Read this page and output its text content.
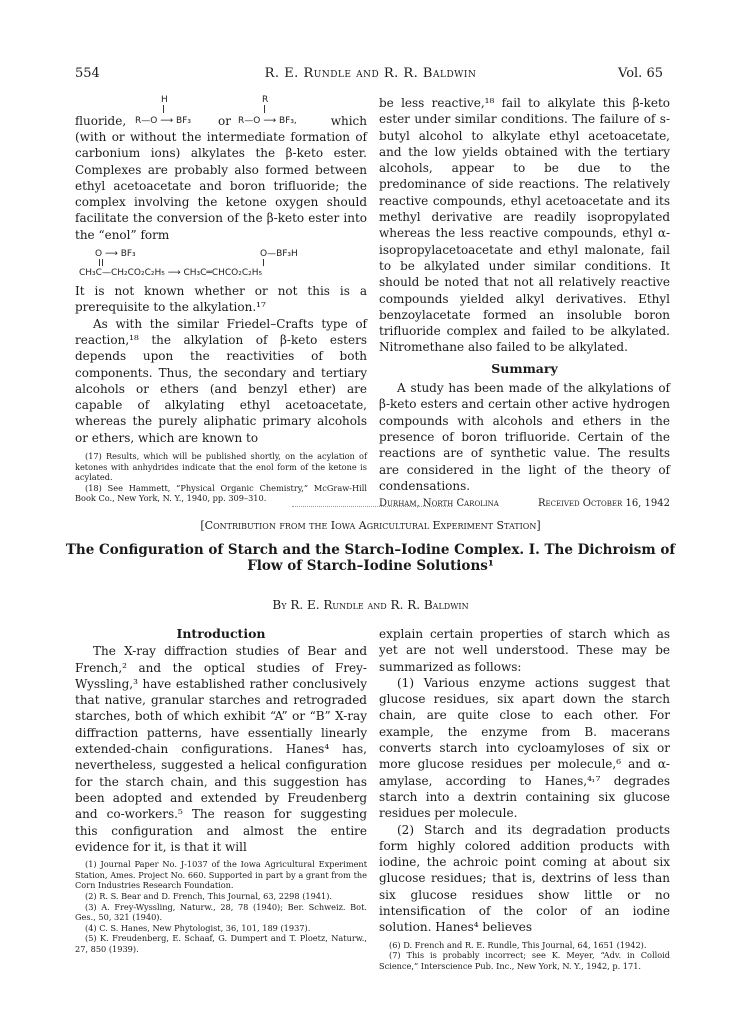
554	R. E. Rundle and R. R. Baldwin	Vol. 65
H	R
fluoride, R—O ⟶ BF₃ or R—O ⟶ BF₃,	which

(with or without the intermediate formation of carbonium ions) alkylates the β-keto ester. Complexes are probably also formed between ethyl acetoacetate and boron trifluoride; the complex involving the ketone oxygen should facilitate the conversion of the β-keto ester into the “enol” form

O ⟶ BF₃	O—BF₃H
CH₃C—CH₂CO₂C₂H₅ ⟶ CH₃C═CHCO₂C₂H₅

It is not known whether or not this is a prerequisite to the alkylation.¹⁷

As with the similar Friedel–Crafts type of reaction,¹⁸ the alkylation of β-keto esters depends upon the reactivities of both components. Thus, the secondary and tertiary alcohols or ethers (and benzyl ether) are capable of alkylating ethyl acetoacetate, whereas the purely aliphatic primary alcohols or ethers, which are known to

(17) Results, which will be published shortly, on the acylation of ketones with anhydrides indicate that the enol form of the ketone is acylated.

(18) See Hammett, “Physical Organic Chemistry,” McGraw-Hill Book Co., New York, N. Y., 1940, pp. 309–310.

be less reactive,¹⁸ fail to alkylate this β-keto ester under similar conditions. The failure of s-butyl alcohol to alkylate ethyl acetoacetate, and the low yields obtained with the tertiary alcohols, appear to be due to the predominance of side reactions. The relatively reactive compounds, ethyl acetoacetate and its methyl derivative are readily isopropylated whereas the less reactive compounds, ethyl α-isopropylacetoacetate and ethyl malonate, fail to be alkylated under similar conditions. It should be noted that not all relatively reactive compounds yielded alkyl derivatives. Ethyl benzoylacetate formed an insoluble boron trifluoride complex and failed to be alkylated. Nitromethane also failed to be alkylated.

Summary

A study has been made of the alkylations of β-keto esters and certain other active hydrogen compounds with alcohols and ethers in the presence of boron trifluoride. Certain of the reactions are of synthetic value. The results are considered in the light of the theory of condensations.

Durham, North Carolina	Received October 16, 1942
[Contribution from the Iowa Agricultural Experiment Station]
The Configuration of Starch and the Starch–Iodine Complex. I. The Dichroism of
Flow of Starch–Iodine Solutions¹
By R. E. Rundle and R. R. Baldwin
Introduction

The X-ray diffraction studies of Bear and French,² and the optical studies of Frey-Wyssling,³ have established rather conclusively that native, granular starches and retrograded starches, both of which exhibit “A” or “B” X-ray diffraction patterns, have essentially linearly extended-chain configurations. Hanes⁴ has, nevertheless, suggested a helical configuration for the starch chain, and this suggestion has been adopted and extended by Freudenberg and co-workers.⁵ The reason for suggesting this configuration and almost the entire evidence for it, is that it will

(1) Journal Paper No. J-1037 of the Iowa Agricultural Experiment Station, Ames. Project No. 660. Supported in part by a grant from the Corn Industries Research Foundation.

(2) R. S. Bear and D. French, This Journal, 63, 2298 (1941).

(3) A. Frey-Wyssling, Naturw., 28, 78 (1940); Ber. Schweiz. Bot. Ges., 50, 321 (1940).

(4) C. S. Hanes, New Phytologist, 36, 101, 189 (1937).

(5) K. Freudenberg, E. Schaaf, G. Dumpert and T. Ploetz, Naturw., 27, 850 (1939).

explain certain properties of starch which as yet are not well understood. These may be summarized as follows:

(1) Various enzyme actions suggest that glucose residues, six apart down the starch chain, are quite close to each other. For example, the enzyme from B. macerans converts starch into cycloamyloses of six or more glucose residues per molecule,⁶ and α-amylase, according to Hanes,⁴˒⁷ degrades starch into a dextrin containing six glucose residues per molecule.

(2) Starch and its degradation products form highly colored addition products with iodine, the achroic point coming at about six glucose residues; that is, dextrins of less than six glucose residues show little or no intensification of the color of an iodine solution. Hanes⁴ believes

(6) D. French and R. E. Rundle, This Journal, 64, 1651 (1942).

(7) This is probably incorrect; see K. Meyer, “Adv. in Colloid Science,” Interscience Pub. Inc., New York, N. Y., 1942, p. 171.
